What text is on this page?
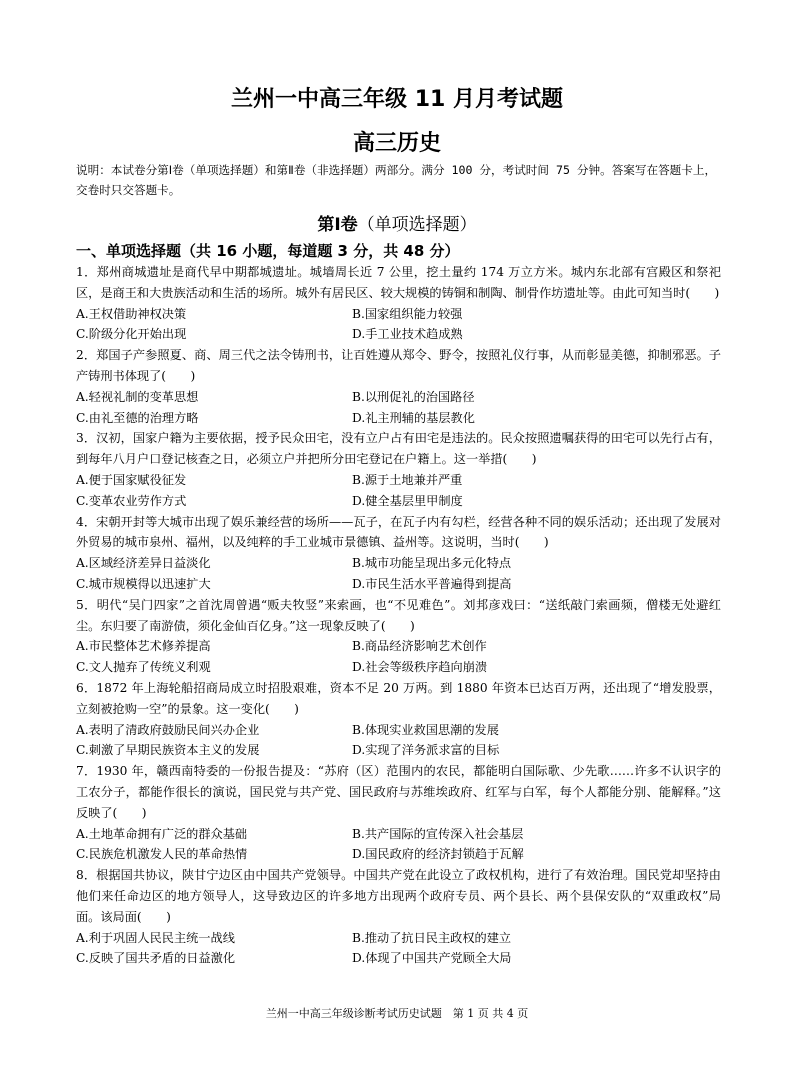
兰州一中高三年级 11 月月考试题
高三历史
说明：本试卷分第Ⅰ卷（单项选择题）和第Ⅱ卷（非选择题）两部分。满分 100 分，考试时间 75 分钟。答案写在答题卡上，交卷时只交答题卡。
第Ⅰ卷（单项选择题）
一、单项选择题（共 16 小题，每道题 3 分，共 48 分）
1．郑州商城遗址是商代早中期都城遗址。城墙周长近 7 公里，挖土量约 174 万立方米。城内东北部有宫殿区和祭祀区，是商王和大贵族活动和生活的场所。城外有居民区、较大规模的铸铜和制陶、制骨作坊遗址等。由此可知当时(　　)
A.王权借助神权决策	B.国家组织能力较强
C.阶级分化开始出现	D.手工业技术趋成熟
2．郑国子产参照夏、商、周三代之法令铸刑书，让百姓遵从郑令、野令，按照礼仪行事，从而彰显美德，抑制邪恶。子产铸刑书体现了(　　)
A.轻视礼制的变革思想	B.以刑促礼的治国路径
C.由礼至德的治理方略	D.礼主刑辅的基层教化
3．汉初，国家户籍为主要依据，授予民众田宅，没有立户占有田宅是违法的。民众按照遗嘱获得的田宅可以先行占有，到每年八月户口登记核查之日，必须立户并把所分田宅登记在户籍上。这一举措(　　)
A.便于国家赋役征发	B.源于土地兼并严重
C.变革农业劳作方式	D.健全基层里甲制度
4．宋朝开封等大城市出现了娱乐兼经营的场所——瓦子，在瓦子内有勾栏，经营各种不同的娱乐活动；还出现了发展对外贸易的城市泉州、福州，以及纯粹的手工业城市景德镇、益州等。这说明，当时(　　)
A.区域经济差异日益淡化	B.城市功能呈现出多元化特点
C.城市规模得以迅速扩大	D.市民生活水平普遍得到提高
5．明代“吴门四家”之首沈周曾遇“贩夫牧竖”来索画，也“不见难色”。刘邦彦戏曰：“送纸敲门索画频，僧楼无处避红尘。东归要了南游债，须化金仙百亿身。”这一现象反映了(　　)
A.市民整体艺术修养提高	B.商品经济影响艺术创作
C.文人抛弃了传统义利观	D.社会等级秩序趋向崩溃
6．1872 年上海轮船招商局成立时招股艰难，资本不足 20 万两。到 1880 年资本已达百万两，还出现了“增发股票，立刻被抢购一空”的景象。这一变化(　　)
A.表明了清政府鼓励民间兴办企业	B.体现实业救国思潮的发展
C.刺激了早期民族资本主义的发展	D.实现了洋务派求富的目标
7．1930 年，赣西南特委的一份报告提及：“苏府（区）范围内的农民，都能明白国际歌、少先歌……许多不认识字的工农分子，都能作很长的演说，国民党与共产党、国民政府与苏维埃政府、红军与白军，每个人都能分别、能解释。”这反映了(　　)
A.土地革命拥有广泛的群众基础	B.共产国际的宣传深入社会基层
C.民族危机激发人民的革命热情	D.国民政府的经济封锁趋于瓦解
8．根据国共协议，陕甘宁边区由中国共产党领导。中国共产党在此设立了政权机构，进行了有效治理。国民党却坚持由他们来任命边区的地方领导人，这导致边区的许多地方出现两个政府专员、两个县长、两个县保安队的“双重政权”局面。该局面(　　)
A.利于巩固人民民主统一战线	B.推动了抗日民主政权的建立
C.反映了国共矛盾的日益激化	D.体现了中国共产党顾全大局
兰州一中高三年级诊断考试历史试题　第 1 页 共 4 页
